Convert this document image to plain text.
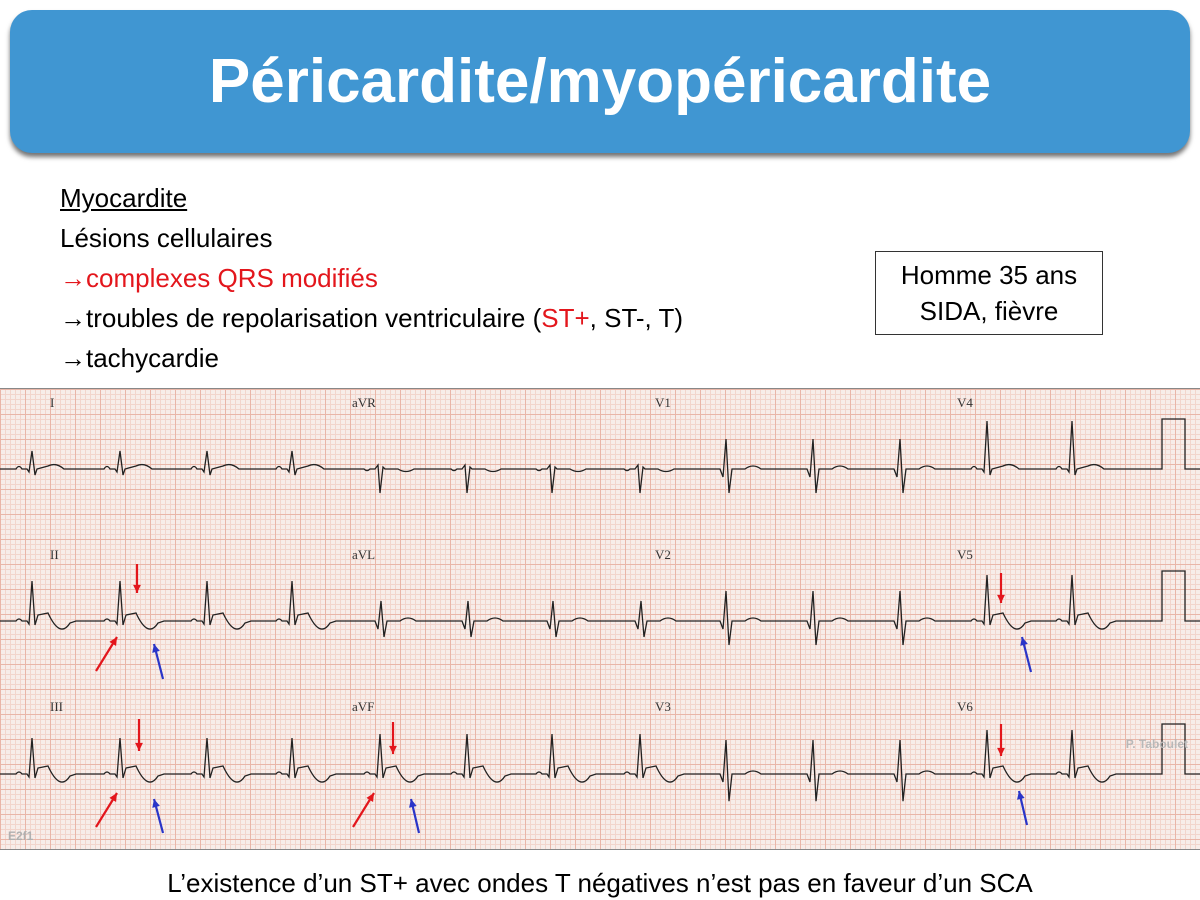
Péricardite/myopéricardite
Myocardite
Lésions cellulaires
→complexes QRS modifiés
→troubles de repolarisation ventriculaire (ST+, ST-, T)
→tachycardie
Homme 35 ans
SIDA, fièvre
P. Taboulet
E2f1
I	aVR	V1	V4
II	aVL	V2	V5
III	aVF	V3	V6
L’existence d’un ST+ avec ondes T négatives n’est pas en faveur d’un SCA
